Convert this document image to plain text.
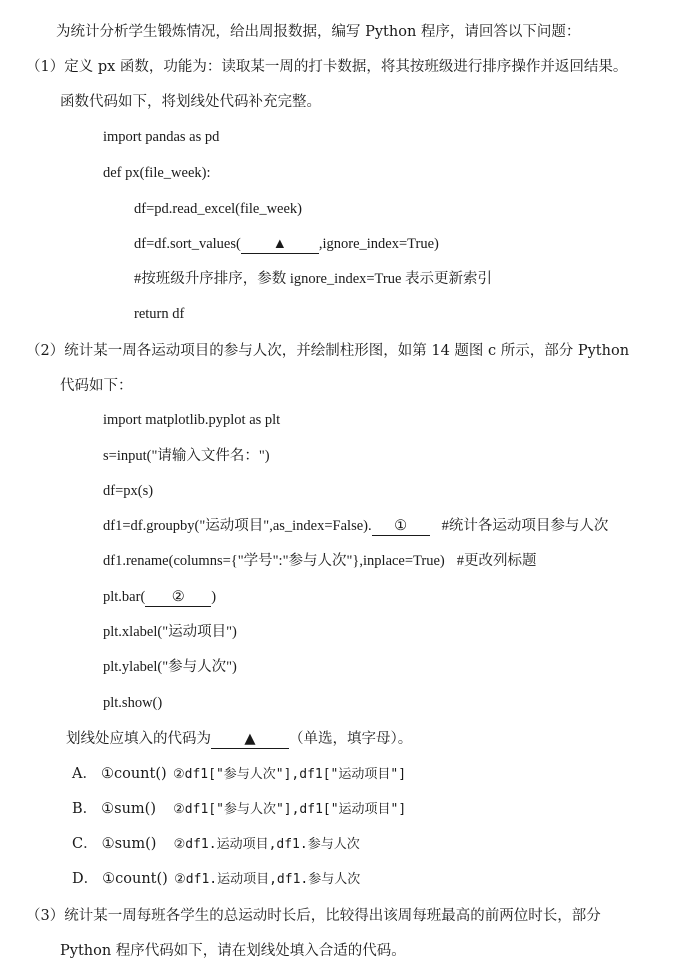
为统计分析学生锻炼情况，给出周报数据，编写 Python 程序，请回答以下问题：
（1）定义 px 函数，功能为：读取某一周的打卡数据，将其按班级进行排序操作并返回结果。
函数代码如下，将划线处代码补充完整。
import pandas as pd
def px(file_week):
df=pd.read_excel(file_week)
df=df.sort_values( ▲ ,ignore_index=True)
#按班级升序排序，参数 ignore_index=True 表示更新索引
return df
（2）统计某一周各运动项目的参与人次，并绘制柱形图，如第 14 题图 c 所示，部分 Python
代码如下：
import matplotlib.pyplot as plt
s=input("请输入文件名：")
df=px(s)
df1=df.groupby("运动项目",as_index=False). ① #统计各运动项目参与人次
df1.rename(columns={"学号":"参与人次"},inplace=True) #更改列标题
plt.bar( ② )
plt.xlabel("运动项目")
plt.ylabel("参与人次")
plt.show()
划线处应填入的代码为 ▲ （单选，填字母）。
A． ①count() ②df1["参与人次"],df1["运动项目"]
B． ①sum() ②df1["参与人次"],df1["运动项目"]
C． ①sum() ②df1.运动项目,df1.参与人次
D． ①count() ②df1.运动项目,df1.参与人次
（3）统计某一周每班各学生的总运动时长后，比较得出该周每班最高的前两位时长，部分
Python 程序代码如下，请在划线处填入合适的代码。
